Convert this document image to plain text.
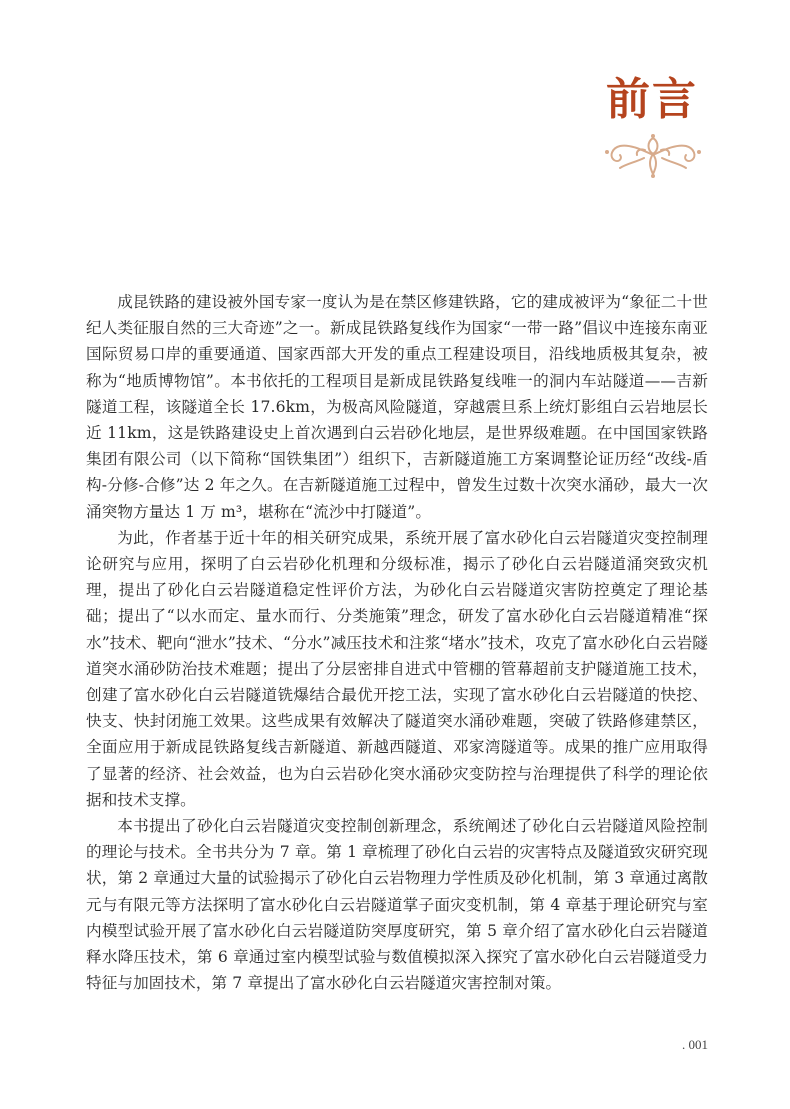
前言

成昆铁路的建设被外国专家一度认为是在禁区修建铁路，它的建成被评为“象征二十世纪人类征服自然的三大奇迹”之一。新成昆铁路复线作为国家“一带一路”倡议中连接东南亚国际贸易口岸的重要通道、国家西部大开发的重点工程建设项目，沿线地质极其复杂，被称为“地质博物馆”。本书依托的工程项目是新成昆铁路复线唯一的洞内车站隧道——吉新隧道工程，该隧道全长 17.6km，为极高风险隧道，穿越震旦系上统灯影组白云岩地层长近 11km，这是铁路建设史上首次遇到白云岩砂化地层，是世界级难题。在中国国家铁路集团有限公司（以下简称“国铁集团”）组织下，吉新隧道施工方案调整论证历经“改线-盾构-分修-合修”达 2 年之久。在吉新隧道施工过程中，曾发生过数十次突水涌砂，最大一次涌突物方量达 1 万 m³，堪称在“流沙中打隧道”。

为此，作者基于近十年的相关研究成果，系统开展了富水砂化白云岩隧道灾变控制理论研究与应用，探明了白云岩砂化机理和分级标准，揭示了砂化白云岩隧道涌突致灾机理，提出了砂化白云岩隧道稳定性评价方法，为砂化白云岩隧道灾害防控奠定了理论基础；提出了“以水而定、量水而行、分类施策”理念，研发了富水砂化白云岩隧道精准“探水”技术、靶向“泄水”技术、“分水”减压技术和注浆“堵水”技术，攻克了富水砂化白云岩隧道突水涌砂防治技术难题；提出了分层密排自进式中管棚的管幕超前支护隧道施工技术，创建了富水砂化白云岩隧道铣爆结合最优开挖工法，实现了富水砂化白云岩隧道的快挖、快支、快封闭施工效果。这些成果有效解决了隧道突水涌砂难题，突破了铁路修建禁区，全面应用于新成昆铁路复线吉新隧道、新越西隧道、邓家湾隧道等。成果的推广应用取得了显著的经济、社会效益，也为白云岩砂化突水涌砂灾变防控与治理提供了科学的理论依据和技术支撑。

本书提出了砂化白云岩隧道灾变控制创新理念，系统阐述了砂化白云岩隧道风险控制的理论与技术。全书共分为 7 章。第 1 章梳理了砂化白云岩的灾害特点及隧道致灾研究现状，第 2 章通过大量的试验揭示了砂化白云岩物理力学性质及砂化机制，第 3 章通过离散元与有限元等方法探明了富水砂化白云岩隧道掌子面灾变机制，第 4 章基于理论研究与室内模型试验开展了富水砂化白云岩隧道防突厚度研究，第 5 章介绍了富水砂化白云岩隧道释水降压技术，第 6 章通过室内模型试验与数值模拟深入探究了富水砂化白云岩隧道受力特征与加固技术，第 7 章提出了富水砂化白云岩隧道灾害控制对策。

. 001
